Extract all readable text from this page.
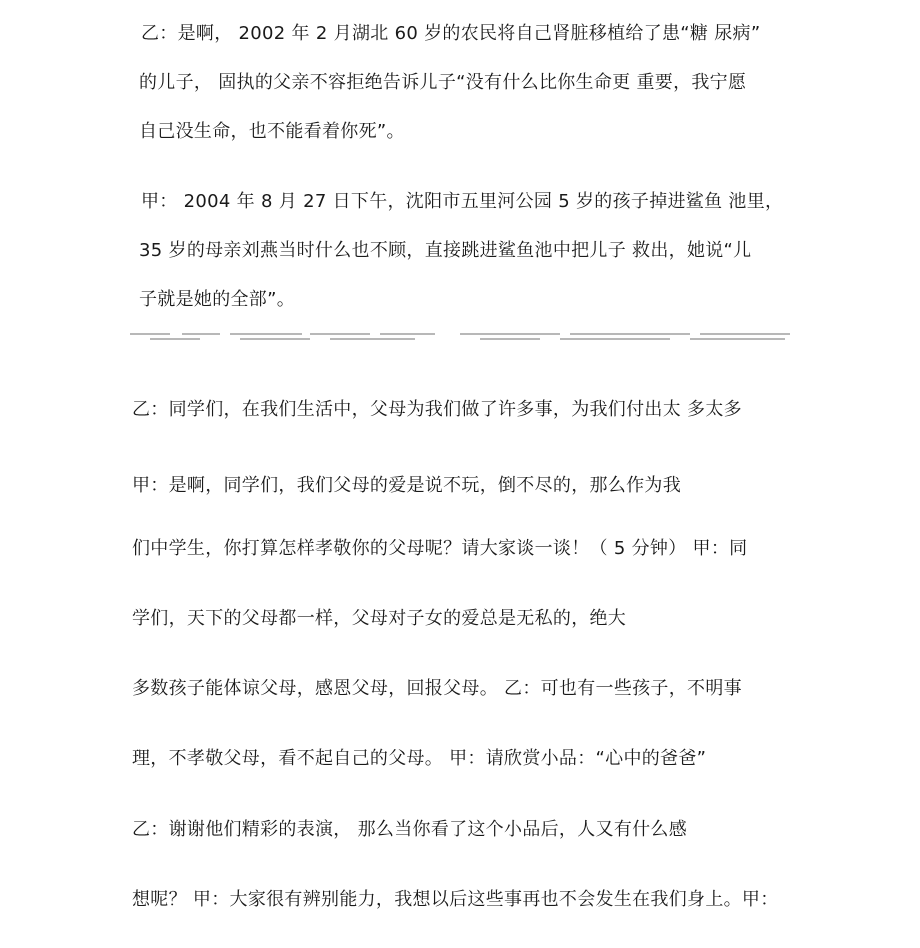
乙：是啊， 2002 年 2 月湖北 60 岁的农民将自己肾脏移植给了患“糖 尿病”
的儿子， 固执的父亲不容拒绝告诉儿子“没有什么比你生命更 重要，我宁愿
自己没生命，也不能看着你死”。
甲： 2004 年 8 月 27 日下午，沈阳市五里河公园 5 岁的孩子掉进鲨鱼 池里，
35 岁的母亲刘燕当时什么也不顾，直接跳进鲨鱼池中把儿子 救出，她说“儿
子就是她的全部”。
乙：同学们，在我们生活中，父母为我们做了许多事，为我们付出太 多太多
甲：是啊，同学们，我们父母的爱是说不玩，倒不尽的，那么作为我
们中学生，你打算怎样孝敬你的父母呢？请大家谈一谈！（ 5 分钟） 甲：同
学们，天下的父母都一样，父母对子女的爱总是无私的，绝大
多数孩子能体谅父母，感恩父母，回报父母。 乙：可也有一些孩子，不明事
理，不孝敬父母，看不起自己的父母。 甲：请欣赏小品：“心中的爸爸”
乙：谢谢他们精彩的表演， 那么当你看了这个小品后，人又有什么感
想呢？ 甲：大家很有辨别能力，我想以后这些事再也不会发生在我们身上。甲：
